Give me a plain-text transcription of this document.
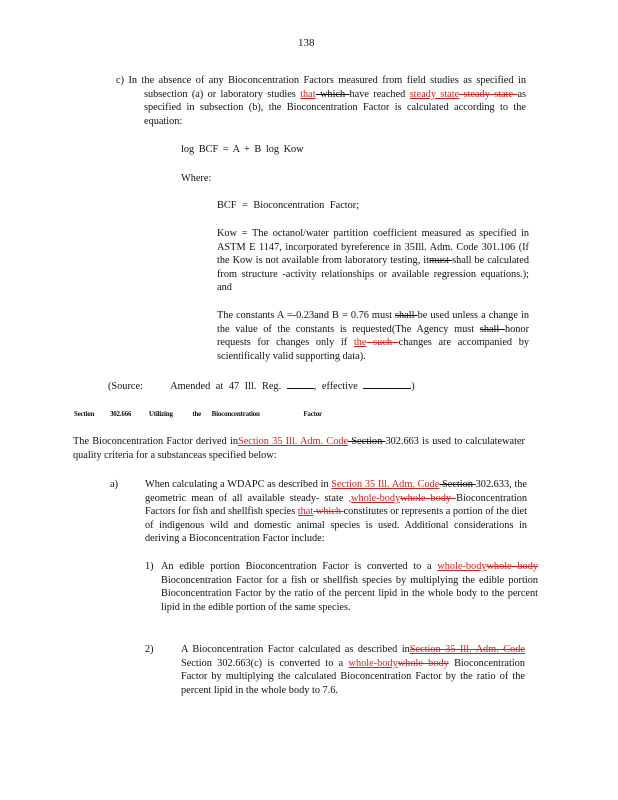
138
c) In the absence of any Bioconcentration Factors measured from field studies as specified in subsection (a) or laboratory studies that which have reached steady state steady state as specified in subsection (b), the Bioconcentration Factor is calculated according to the equation:
log BCF = A + B log Kow
Where:
BCF = Bioconcentration Factor;
Kow = The octanol/water partition coefficient measured as specified in ASTM E 1147, incorporated byreference in 35Ill. Adm. Code 301.106 (If the Kow is not available from laboratory testing, itmust shall be calculated from structure -activity relationships or available regression equations.); and
The constants A =-0.23and B = 0.76 must shall be used unless a change in the value of the constants is requested(The Agency must shall honor requests for changes only if the such changes are accompanied by scientifically valid supporting data).
(Source:	Amended at 47 Ill. Reg.	, effective	)
Section 302.666	Utilizing	the Bioconcentration	Factor
The Bioconcentration Factor derived inSection 35 Ill. Adm. Code Section 302.663 is used to calculatewater quality criteria for a substanceas specified below:
a)	When calculating a WDAPC as described in Section 35 Ill. Adm. Code Section 302.633, the geometric mean of all available steady- state ,whole-bodywhole body Bioconcentration Factors for fish and shellfish species that which constitutes or represents a portion of the diet of indigenous wild and domestic animal species is used. Additional considerations in deriving a Bioconcentration Factor include:
1) An edible portion Bioconcentration Factor is converted to a whole-bodywhole body Bioconcentration Factor for a fish or shellfish species by multiplying the edible portion Bioconcentration Factor by the ratio of the percent lipid in the whole body to the percent lipid in the edible portion of the same species.
2)	A Bioconcentration Factor calculated as described inSection 35 Ill. Adm. Code Section 302.663(c) is converted to a whole-bodywhole body Bioconcentration Factor by multiplying the calculated Bioconcentration Factor by the ratio of the percent lipid in the whole body to 7.6.
